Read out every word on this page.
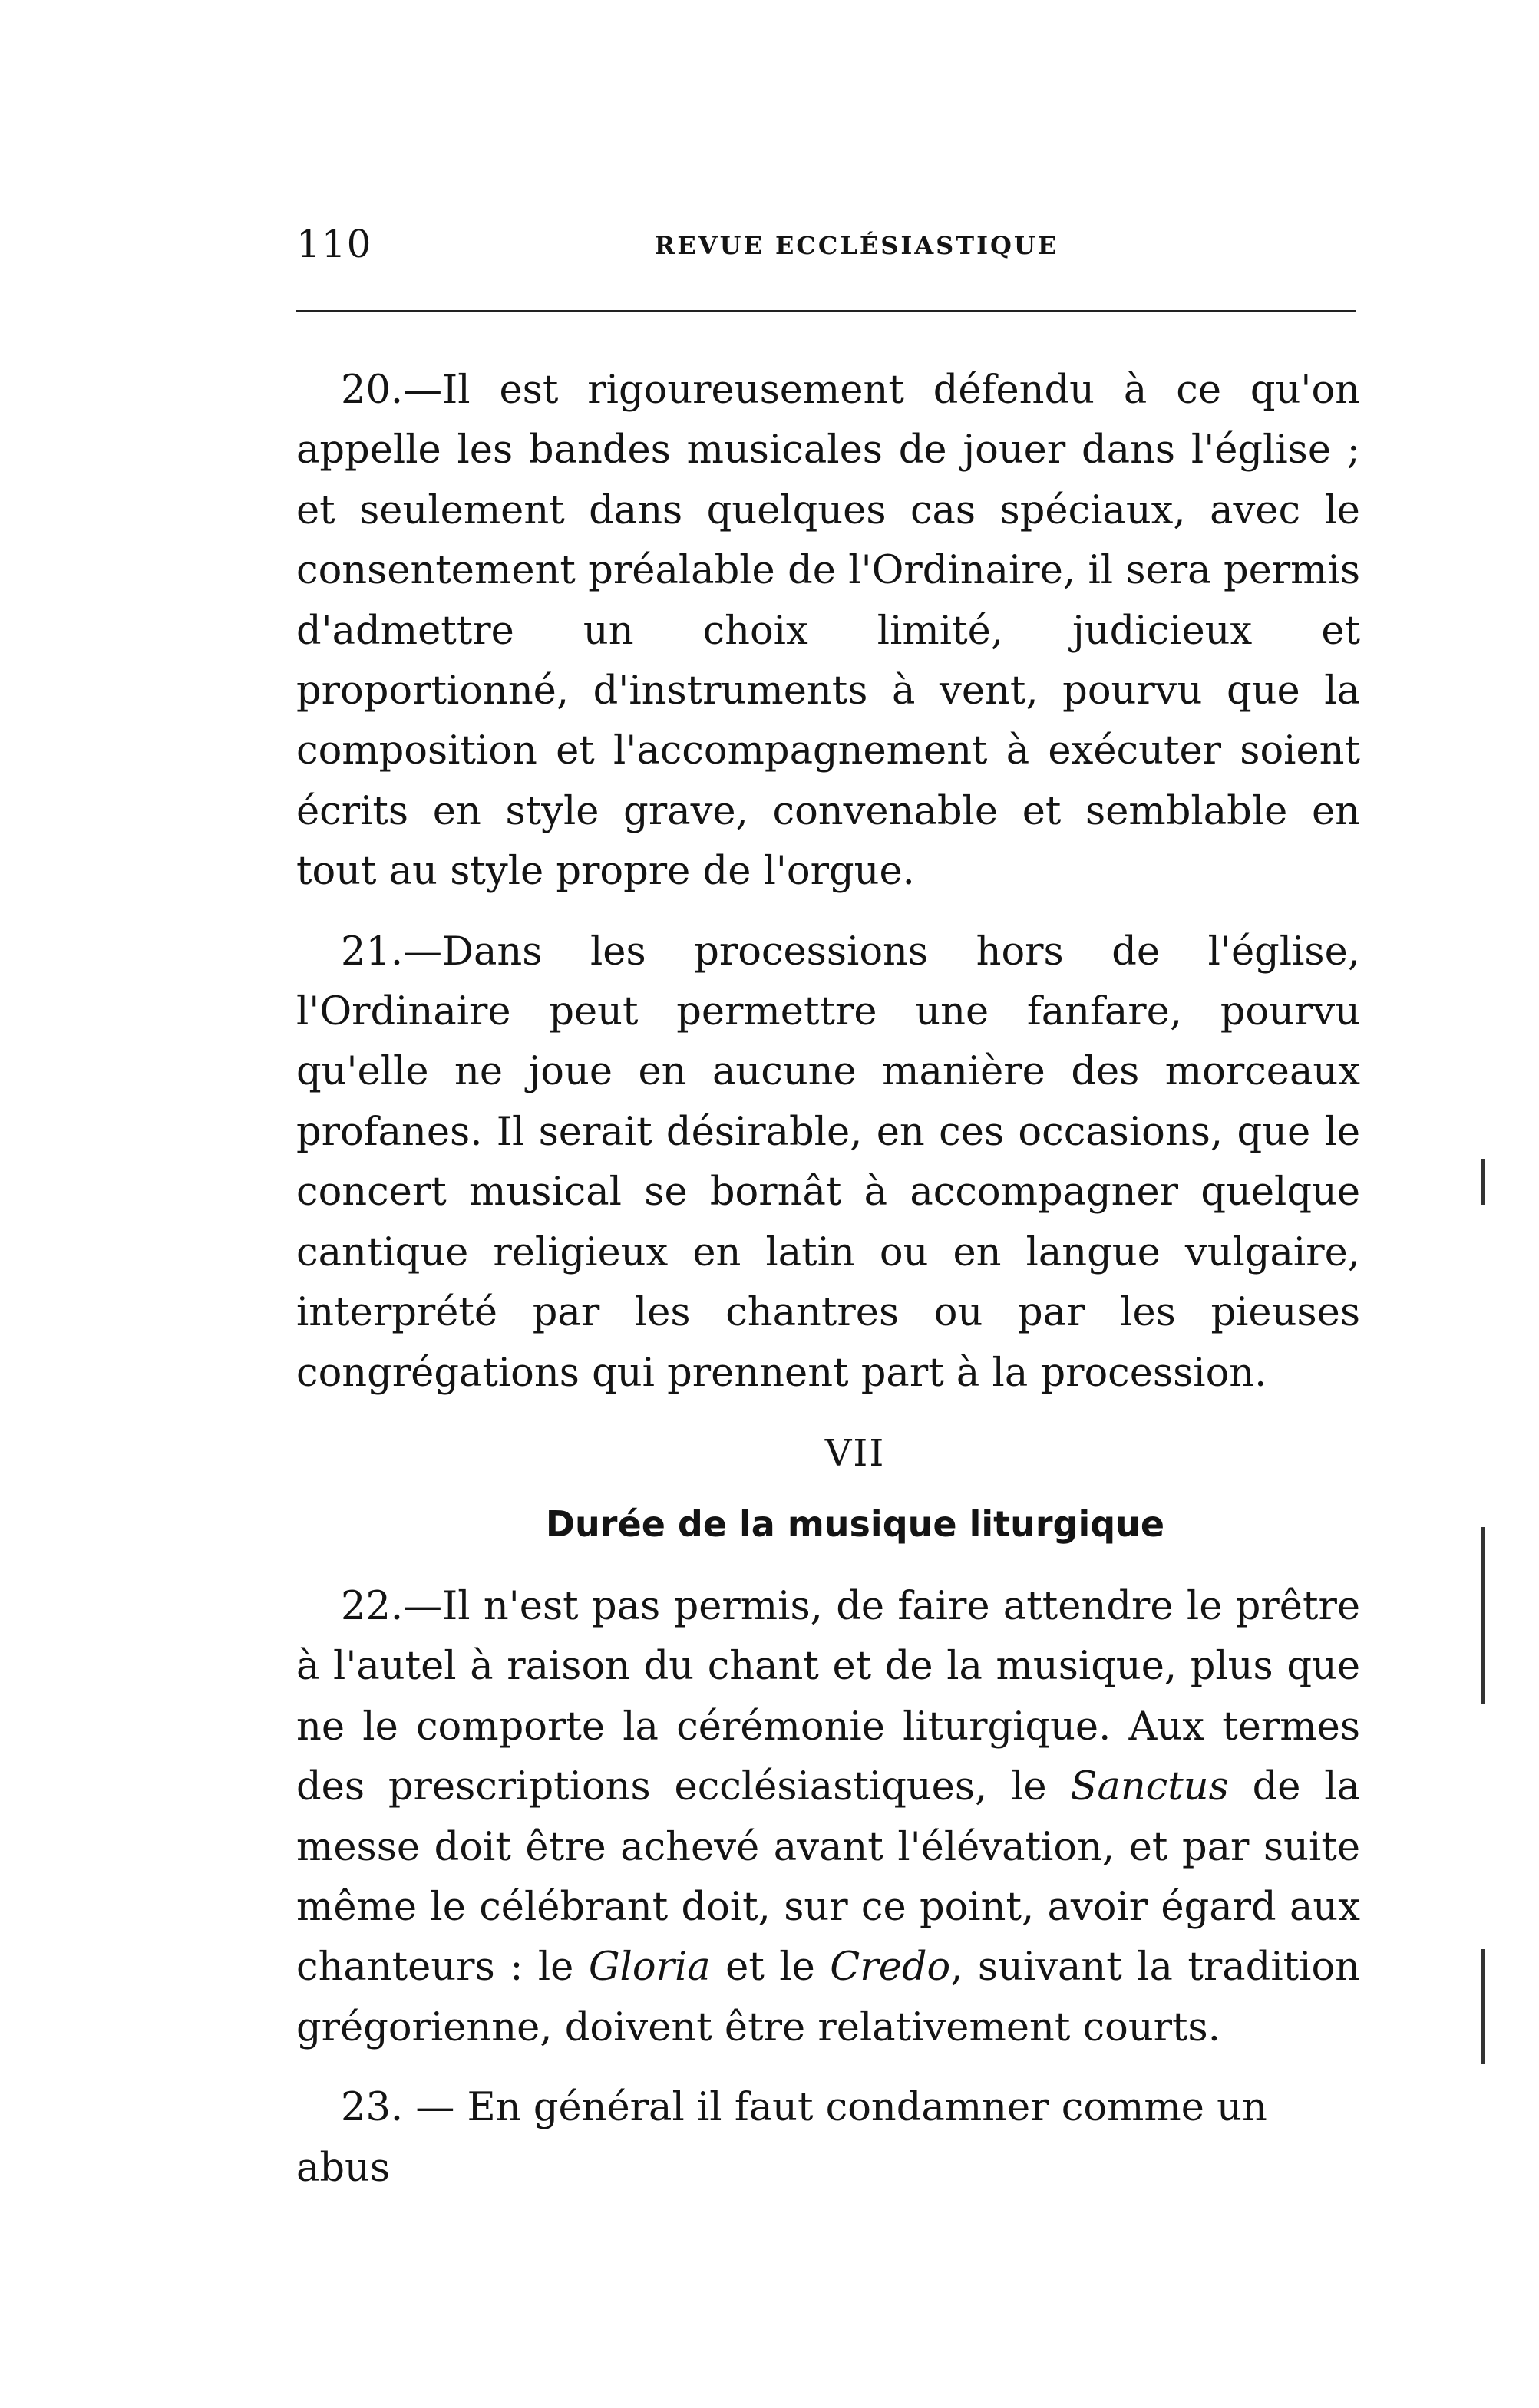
110	REVUE ECCLÉSIASTIQUE

20.—Il est rigoureusement défendu à ce qu'on appelle les bandes musicales de jouer dans l'église ; et seulement dans quelques cas spéciaux, avec le consentement préalable de l'Ordinaire, il sera permis d'admettre un choix limité, judicieux et proportionné, d'instruments à vent, pourvu que la composition et l'accompagnement à exécuter soient écrits en style grave, convenable et semblable en tout au style propre de l'orgue.

21.—Dans les processions hors de l'église, l'Ordinaire peut permettre une fanfare, pourvu qu'elle ne joue en aucune manière des morceaux profanes. Il serait désirable, en ces occasions, que le concert musical se bornât à accompagner quelque cantique religieux en latin ou en langue vulgaire, interprété par les chantres ou par les pieuses congrégations qui prennent part à la procession.

VII
Durée de la musique liturgique

22.—Il n'est pas permis, de faire attendre le prêtre à l'autel à raison du chant et de la musique, plus que ne le comporte la cérémonie liturgique. Aux termes des prescriptions ecclésiastiques, le Sanctus de la messe doit être achevé avant l'élévation, et par suite même le célébrant doit, sur ce point, avoir égard aux chanteurs : le Gloria et le Credo, suivant la tradition grégorienne, doivent être relativement courts.

23. — En général il faut condamner comme un abus
